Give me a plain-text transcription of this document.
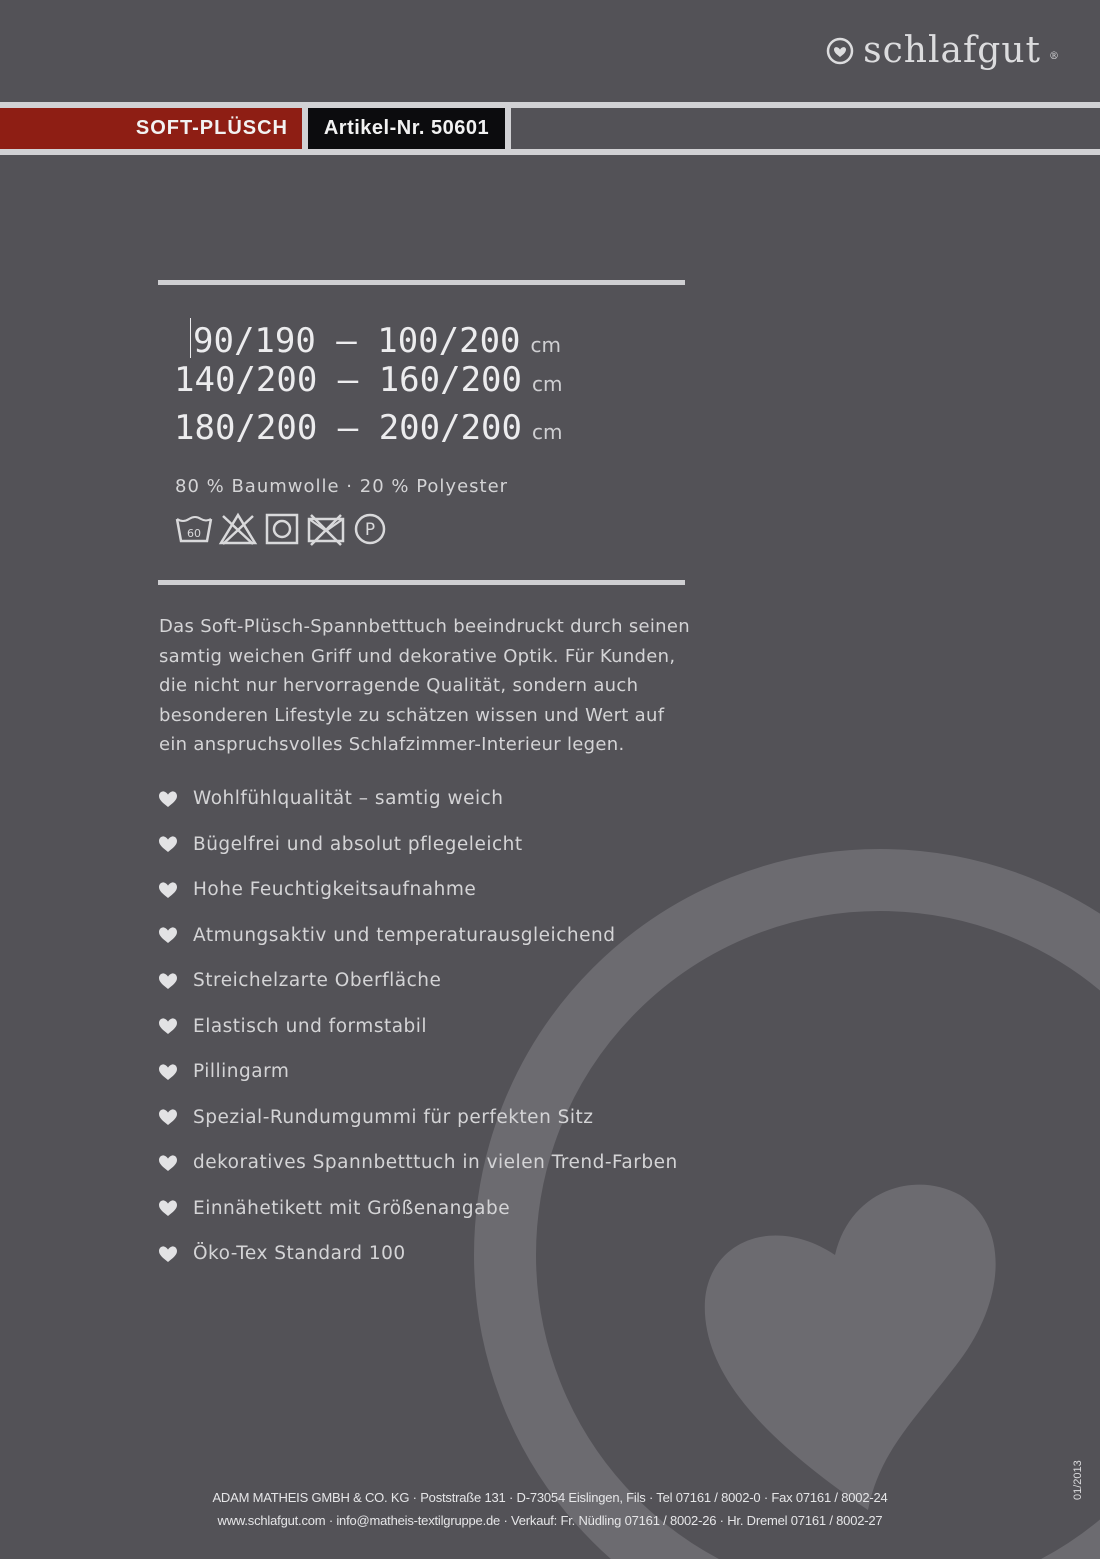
schlafgut ®
SOFT-PLÜSCH	Artikel-Nr. 50601
90/190 – 100/200 cm
140/200 – 160/200 cm
180/200 – 200/200 cm
80 % Baumwolle · 20 % Polyester
60	P
Das Soft-Plüsch-Spannbetttuch beeindruckt durch seinen
samtig weichen Griff und dekorative Optik. Für Kunden,
die nicht nur hervorragende Qualität, sondern auch
besonderen Lifestyle zu schätzen wissen und Wert auf
ein anspruchsvolles Schlafzimmer-Interieur legen.
Wohlfühlqualität – samtig weich
Bügelfrei und absolut pflegeleicht
Hohe Feuchtigkeitsaufnahme
Atmungsaktiv und temperaturausgleichend
Streichelzarte Oberfläche
Elastisch und formstabil
Pillingarm
Spezial-Rundumgummi für perfekten Sitz
dekoratives Spannbetttuch in vielen Trend-Farben
Einnähetikett mit Größenangabe
Öko-Tex Standard 100
ADAM MATHEIS GMBH & CO. KG · Poststraße 131 · D-73054 Eislingen, Fils · Tel 07161 / 8002-0 · Fax 07161 / 8002-24
www.schlafgut.com · info@matheis-textilgruppe.de · Verkauf: Fr. Nüdling 07161 / 8002-26 · Hr. Dremel 07161 / 8002-27
01/2013
